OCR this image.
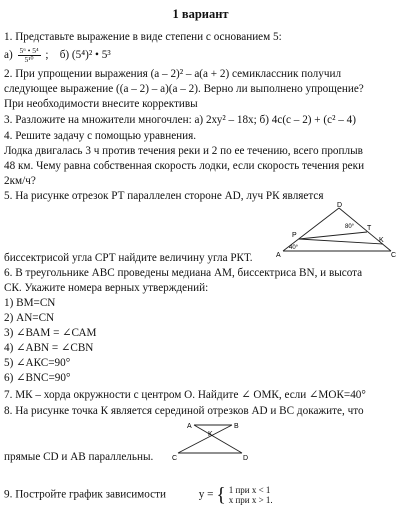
1 вариант
1. Представьте выражение в виде степени с основанием 5:
$а) \frac{\text{5⁶ • 5⁴}}{\text{5¹⁰}}$ ;    б) (5⁴)² • 5³
2. При упрощении выражения (а – 2)² – а(а + 2) семиклассник получил
следующее выражение ((а – 2) – а)(а – 2). Верно ли выполнено упрощение?
При необходимости внесите коррективы
3. Разложите на множители многочлен: а) 2ху² – 18х; б) 4с(с – 2) + (с² – 4)
4. Решите задачу с помощью уравнения.
Лодка двигалась 3 ч против течения реки и 2 по ее течению, всего проплыв
48 км. Чему равна собственная скорость лодки, если скорость течения реки
2км/ч?
5. На рисунке отрезок РТ параллелен стороне АD, луч РК является
D
T
80°
K
P
40°
A	C
биссектрисой угла СРТ найдите величину угла РКТ.
6. В треугольнике АВС проведены медиана АМ, биссектриса ВN, и высота
СК. Укажите номера верных утверждений:
1) ВМ=СN
2) АN=СN
3) ∠ВАМ = ∠САМ
4) ∠АВN = ∠СВN
5) ∠АКС=90°
6) ∠ВNС=90°
7. МК – хорда окружности с центром О. Найдите ∠ ОМК, если ∠МОК=40°
8. На рисунке точка К является серединой отрезков АD и ВС докажите, что
A	B
K
C	D
прямые СD и АВ параллельны.
9. Постройте график зависимости	y = { 1 при x < 1
x при x > 1.
